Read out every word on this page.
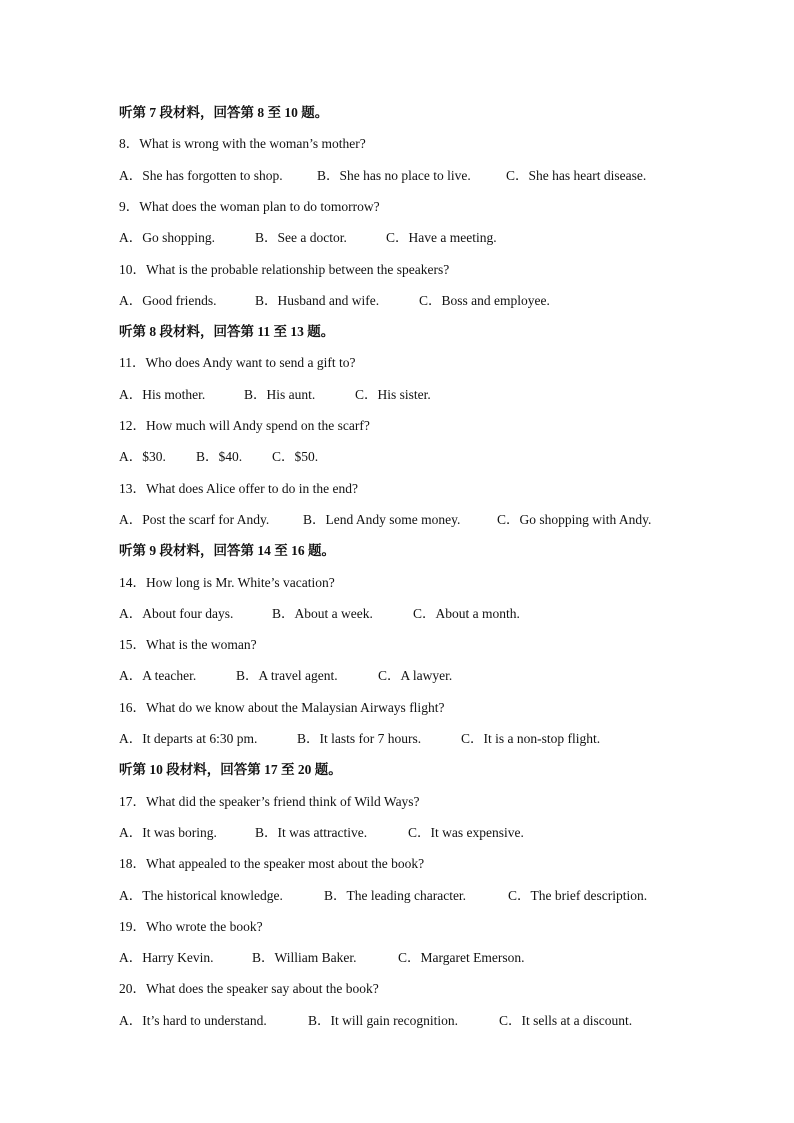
听第 7 段材料，回答第 8 至 10 题。
8．What is wrong with the woman’s mother?
A．She has forgotten to shop.	B．She has no place to live.	C．She has heart disease.
9．What does the woman plan to do tomorrow?
A．Go shopping.	B．See a doctor.	C．Have a meeting.
10．What is the probable relationship between the speakers?
A．Good friends.	B．Husband and wife.	C．Boss and employee.
听第 8 段材料，回答第 11 至 13 题。
11．Who does Andy want to send a gift to?
A．His mother.	B．His aunt.	C．His sister.
12．How much will Andy spend on the scarf?
A．$30. B．$40. C．$50.
13．What does Alice offer to do in the end?
A．Post the scarf for Andy.	B．Lend Andy some money.	C．Go shopping with Andy.
听第 9 段材料，回答第 14 至 16 题。
14．How long is Mr. White’s vacation?
A．About four days.	B．About a week.	C．About a month.
15．What is the woman?
A．A teacher.	B．A travel agent.	C．A lawyer.
16．What do we know about the Malaysian Airways flight?
A．It departs at 6:30 pm.	B．It lasts for 7 hours.	C．It is a non-stop flight.
听第 10 段材料，回答第 17 至 20 题。
17．What did the speaker’s friend think of Wild Ways?
A．It was boring.	B．It was attractive.	C．It was expensive.
18．What appealed to the speaker most about the book?
A．The historical knowledge.	B．The leading character.	C．The brief description.
19．Who wrote the book?
A．Harry Kevin.	B．William Baker.	C．Margaret Emerson.
20．What does the speaker say about the book?
A．It’s hard to understand.	B．It will gain recognition.	C．It sells at a discount.
